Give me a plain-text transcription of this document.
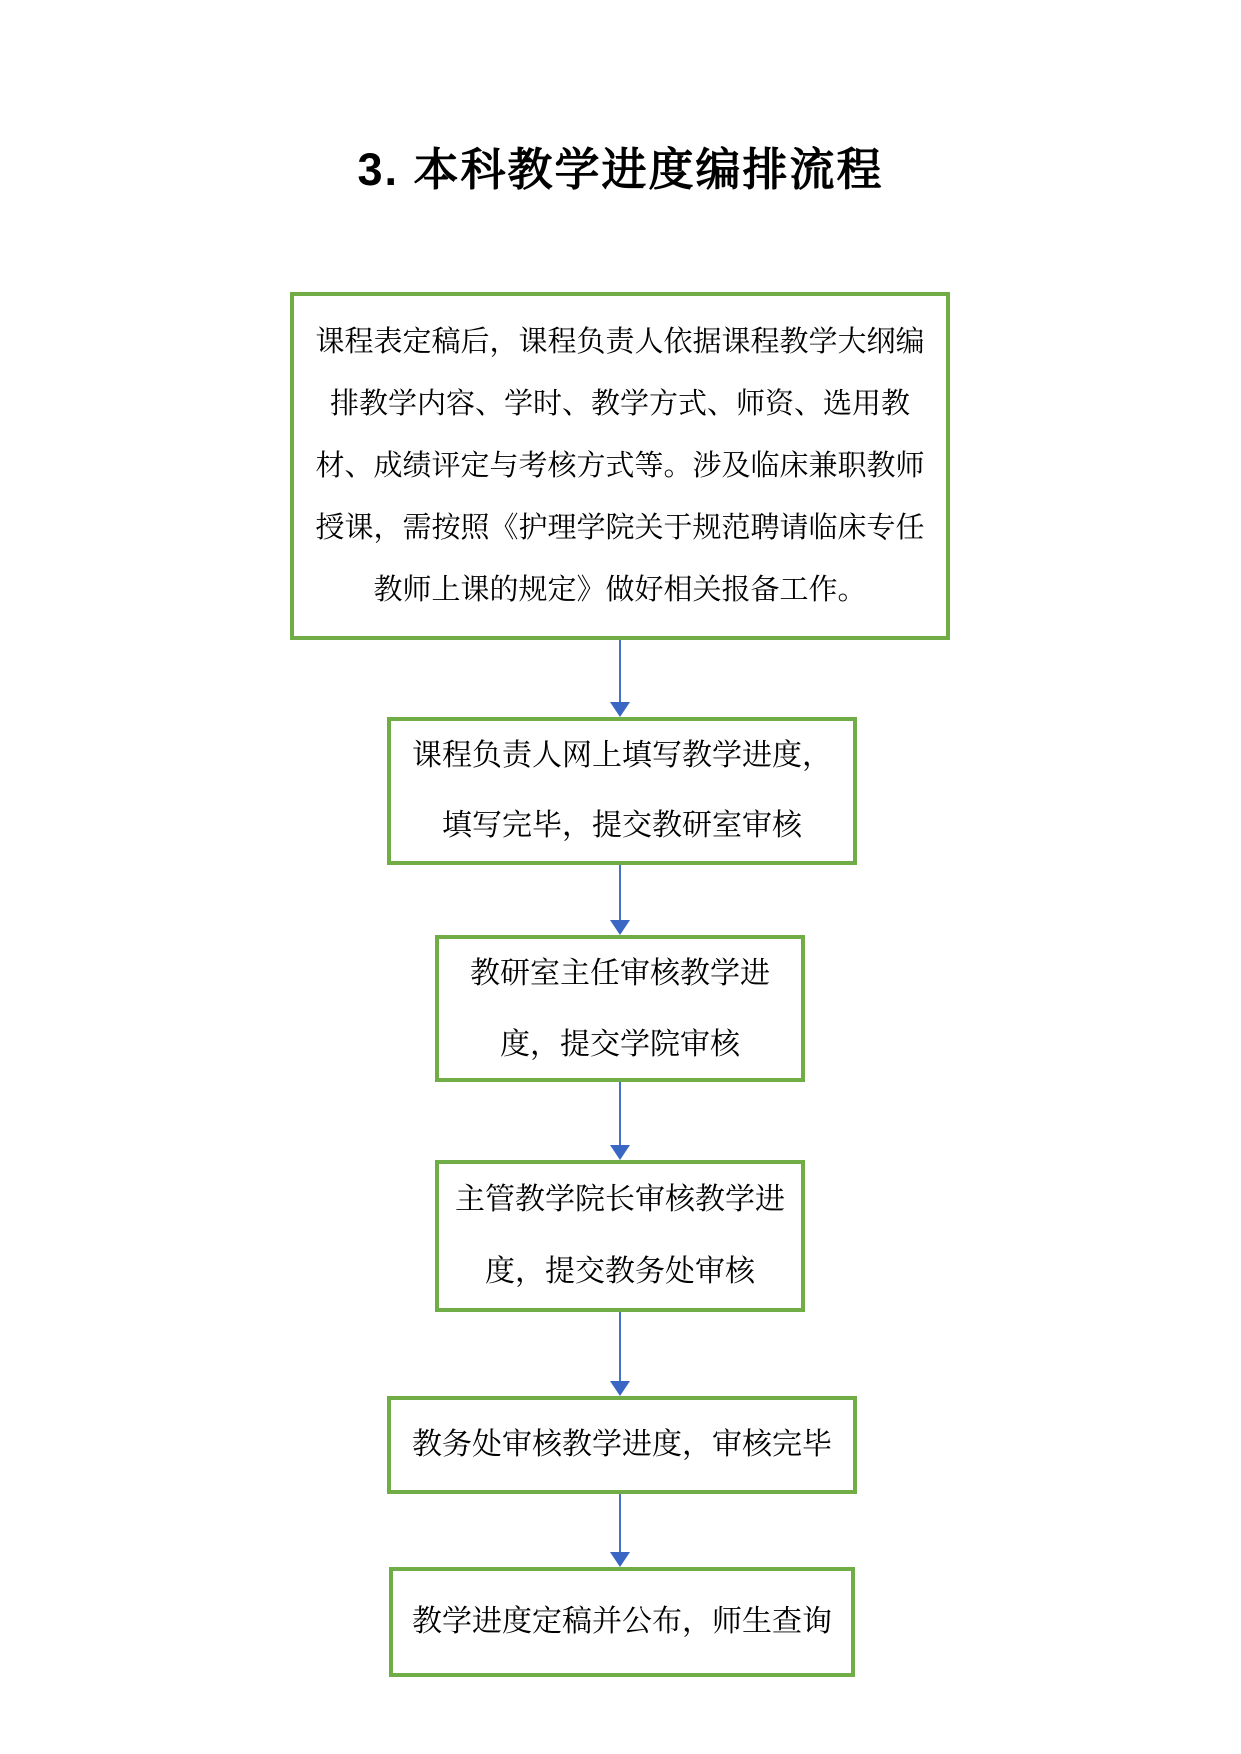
3. 本科教学进度编排流程
课程表定稿后，课程负责人依据课程教学大纲编
排教学内容、学时、教学方式、师资、选用教
材、成绩评定与考核方式等。涉及临床兼职教师
授课，需按照《护理学院关于规范聘请临床专任
教师上课的规定》做好相关报备工作。
课程负责人网上填写教学进度，
填写完毕，提交教研室审核
教研室主任审核教学进
度，提交学院审核
主管教学院长审核教学进
度，提交教务处审核
教务处审核教学进度，审核完毕
教学进度定稿并公布，师生查询
